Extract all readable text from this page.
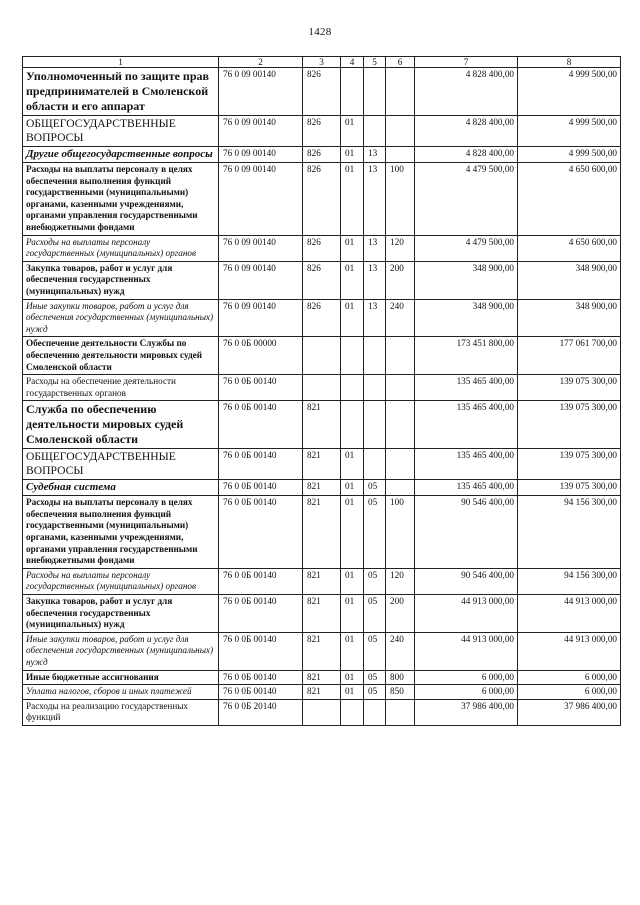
1428
1	2	3	4	5	6	7	8
Уполномоченный по защите прав предпринимателей в Смоленской области и его аппарат	76 0 09 00140	826				4 828 400,00	4 999 500,00
ОБЩЕГОСУДАРСТВЕННЫЕ ВОПРОСЫ	76 0 09 00140	826	01			4 828 400,00	4 999 500,00
Другие общегосударственные вопросы	76 0 09 00140	826	01	13		4 828 400,00	4 999 500,00
Расходы на выплаты персоналу в целях обеспечения выполнения функций государственными (муниципальными) органами, казенными учреждениями, органами управления государственными внебюджетными фондами	76 0 09 00140	826	01	13	100	4 479 500,00	4 650 600,00
Расходы на выплаты персоналу государственных (муниципальных) органов	76 0 09 00140	826	01	13	120	4 479 500,00	4 650 600,00
Закупка товаров, работ и услуг для обеспечения государственных (муниципальных) нужд	76 0 09 00140	826	01	13	200	348 900,00	348 900,00
Иные закупки товаров, работ и услуг для обеспечения государственных (муниципальных) нужд	76 0 09 00140	826	01	13	240	348 900,00	348 900,00
Обеспечение деятельности Службы по обеспечению деятельности мировых судей Смоленской области	76 0 0Б 00000					173 451 800,00	177 061 700,00
Расходы на обеспечение деятельности государственных органов	76 0 0Б 00140					135 465 400,00	139 075 300,00
Служба по обеспечению деятельности мировых судей Смоленской области	76 0 0Б 00140	821				135 465 400,00	139 075 300,00
ОБЩЕГОСУДАРСТВЕННЫЕ ВОПРОСЫ	76 0 0Б 00140	821	01			135 465 400,00	139 075 300,00
Судебная система	76 0 0Б 00140	821	01	05		135 465 400,00	139 075 300,00
Расходы на выплаты персоналу в целях обеспечения выполнения функций государственными (муниципальными) органами, казенными учреждениями, органами управления государственными внебюджетными фондами	76 0 0Б 00140	821	01	05	100	90 546 400,00	94 156 300,00
Расходы на выплаты персоналу государственных (муниципальных) органов	76 0 0Б 00140	821	01	05	120	90 546 400,00	94 156 300,00
Закупка товаров, работ и услуг для обеспечения государственных (муниципальных) нужд	76 0 0Б 00140	821	01	05	200	44 913 000,00	44 913 000,00
Иные закупки товаров, работ и услуг для обеспечения государственных (муниципальных) нужд	76 0 0Б 00140	821	01	05	240	44 913 000,00	44 913 000,00
Иные бюджетные ассигнования	76 0 0Б 00140	821	01	05	800	6 000,00	6 000,00
Уплата налогов, сборов и иных платежей	76 0 0Б 00140	821	01	05	850	6 000,00	6 000,00
Расходы на реализацию государственных функций	76 0 0Б 20140					37 986 400,00	37 986 400,00
